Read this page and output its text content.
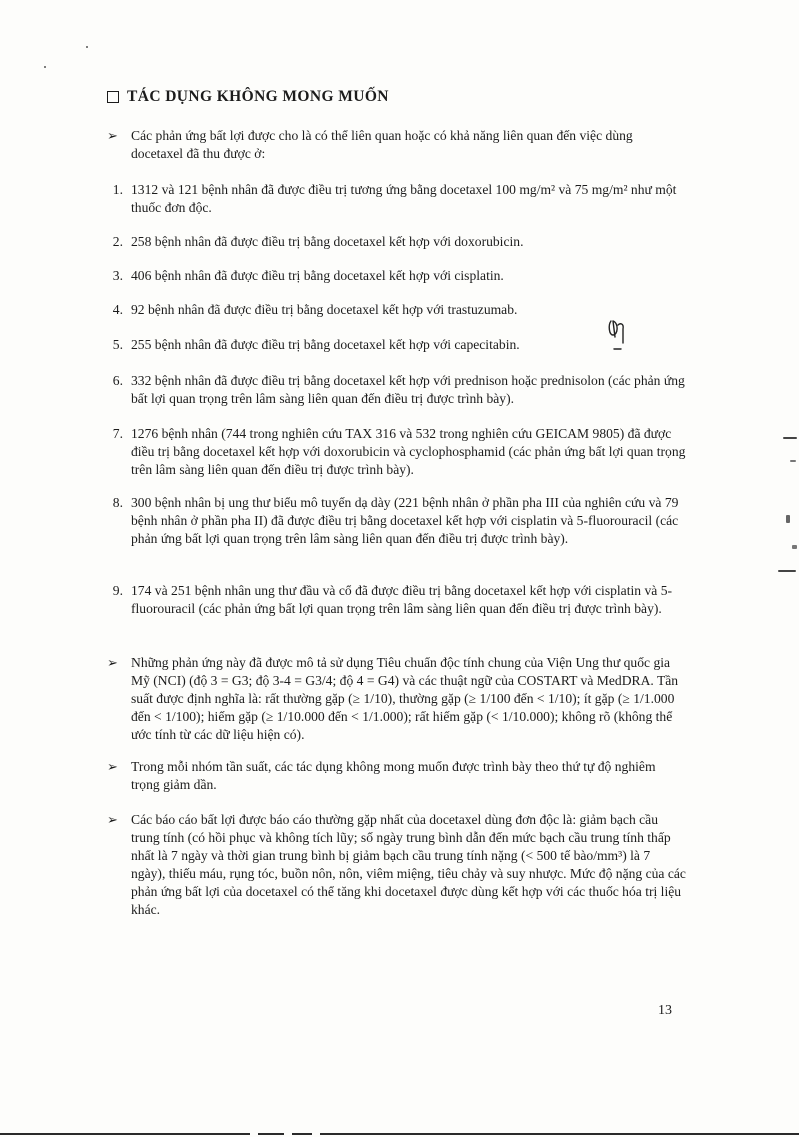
TÁC DỤNG KHÔNG MONG MUỐN
➢ Các phản ứng bất lợi được cho là có thể liên quan hoặc có khả năng liên quan đến việc dùng docetaxel đã thu được ở:

1. 1312 và 121 bệnh nhân đã được điều trị tương ứng bằng docetaxel 100 mg/m² và 75 mg/m² như một thuốc đơn độc.

2. 258 bệnh nhân đã được điều trị bằng docetaxel kết hợp với doxorubicin.

3. 406 bệnh nhân đã được điều trị bằng docetaxel kết hợp với cisplatin.

4. 92 bệnh nhân đã được điều trị bằng docetaxel kết hợp với trastuzumab.

5. 255 bệnh nhân đã được điều trị bằng docetaxel kết hợp với capecitabin.

6. 332 bệnh nhân đã được điều trị bằng docetaxel kết hợp với prednison hoặc prednisolon (các phản ứng bất lợi quan trọng trên lâm sàng liên quan đến điều trị được trình bày).

7. 1276 bệnh nhân (744 trong nghiên cứu TAX 316 và 532 trong nghiên cứu GEICAM 9805) đã được điều trị bằng docetaxel kết hợp với doxorubicin và cyclophosphamid (các phản ứng bất lợi quan trọng trên lâm sàng liên quan đến điều trị được trình bày).

8. 300 bệnh nhân bị ung thư biểu mô tuyến dạ dày (221 bệnh nhân ở phần pha III của nghiên cứu và 79 bệnh nhân ở phần pha II) đã được điều trị bằng docetaxel kết hợp với cisplatin và 5-fluorouracil (các phản ứng bất lợi quan trọng trên lâm sàng liên quan đến điều trị được trình bày).

9. 174 và 251 bệnh nhân ung thư đầu và cổ đã được điều trị bằng docetaxel kết hợp với cisplatin và 5-fluorouracil (các phản ứng bất lợi quan trọng trên lâm sàng liên quan đến điều trị được trình bày).

➢ Những phản ứng này đã được mô tả sử dụng Tiêu chuẩn độc tính chung của Viện Ung thư quốc gia Mỹ (NCI) (độ 3 = G3; độ 3-4 = G3/4; độ 4 = G4) và các thuật ngữ của COSTART và MedDRA. Tần suất được định nghĩa là: rất thường gặp (≥ 1/10), thường gặp (≥ 1/100 đến < 1/10); ít gặp (≥ 1/1.000 đến < 1/100); hiếm gặp (≥ 1/10.000 đến < 1/1.000); rất hiếm gặp (< 1/10.000); không rõ (không thể ước tính từ các dữ liệu hiện có).

➢ Trong mỗi nhóm tần suất, các tác dụng không mong muốn được trình bày theo thứ tự độ nghiêm trọng giảm dần.

➢ Các báo cáo bất lợi được báo cáo thường gặp nhất của docetaxel dùng đơn độc là: giảm bạch cầu trung tính (có hồi phục và không tích lũy; số ngày trung bình dẫn đến mức bạch cầu trung tính thấp nhất là 7 ngày và thời gian trung bình bị giảm bạch cầu trung tính nặng (< 500 tế bào/mm³) là 7 ngày), thiếu máu, rụng tóc, buồn nôn, nôn, viêm miệng, tiêu chảy và suy nhược. Mức độ nặng của các phản ứng bất lợi của docetaxel có thể tăng khi docetaxel được dùng kết hợp với các thuốc hóa trị liệu khác.

13
